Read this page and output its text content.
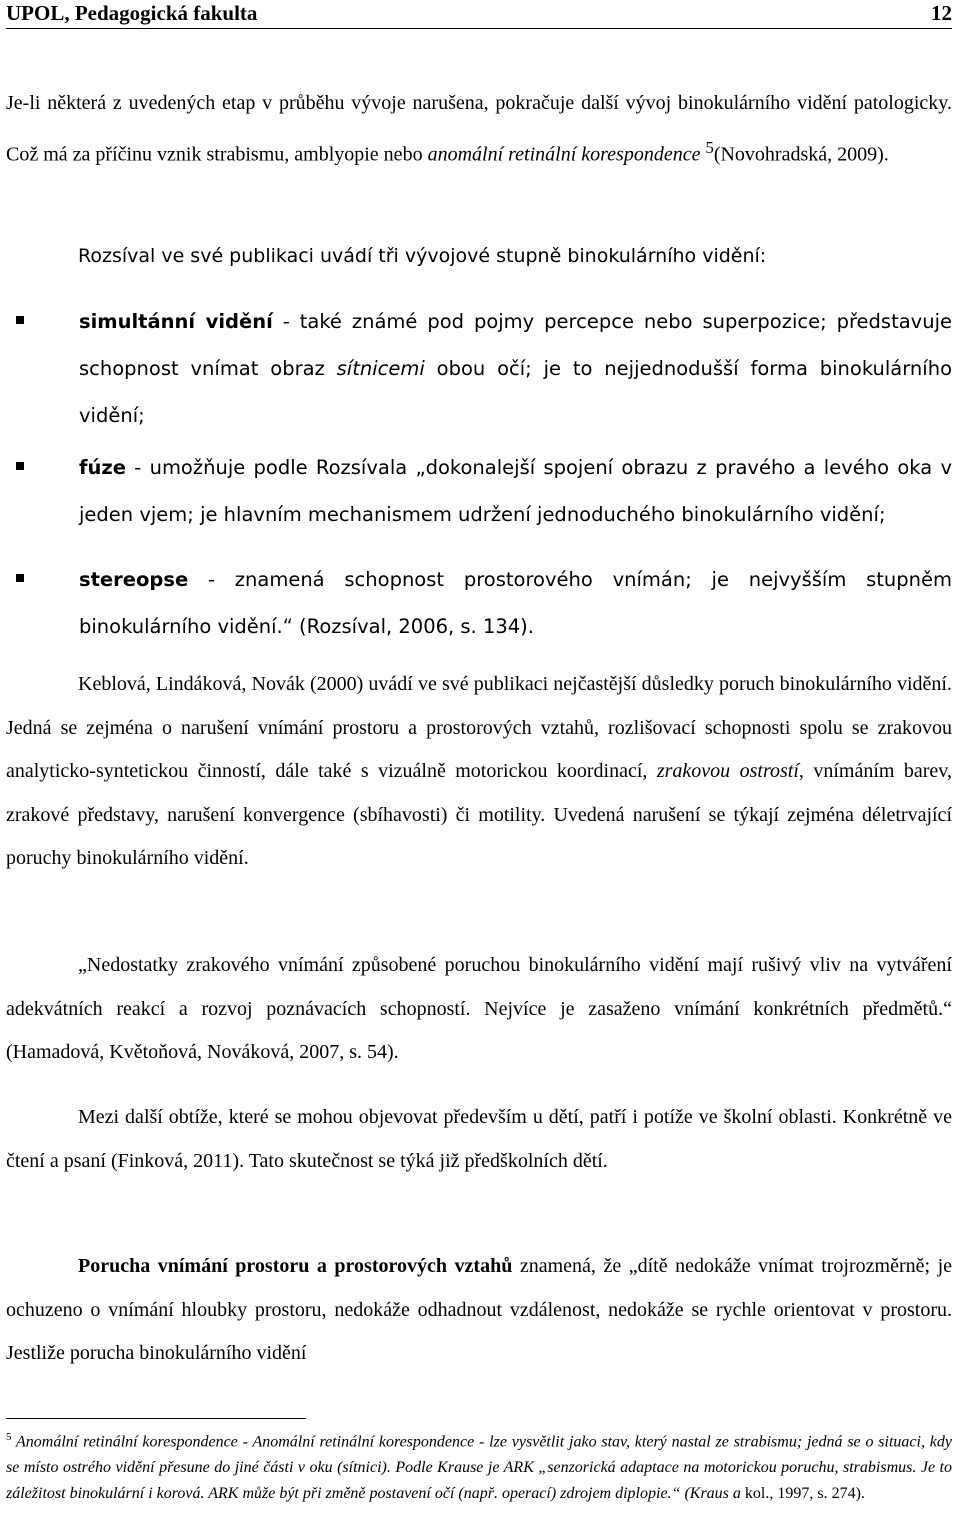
UPOL, Pedagogická fakulta	12
Je-li některá z uvedených etap v průběhu vývoje narušena, pokračuje další vývoj binokulárního vidění patologicky. Což má za příčinu vznik strabismu, amblyopie nebo anomální retinální korespondence $^5$(Novohradská, 2009).
Rozsíval ve své publikaci uvádí tři vývojové stupně binokulárního vidění:
simultánní vidění - také známé pod pojmy percepce nebo superpozice; představuje schopnost vnímat obraz sítnicemi obou očí; je to nejjednodušší forma binokulárního vidění;
fúze - umožňuje podle Rozsívala „dokonalejší spojení obrazu z pravého a levého oka v jeden vjem; je hlavním mechanismem udržení jednoduchého binokulárního vidění;
stereopse - znamená schopnost prostorového vnímán; je nejvyšším stupněm binokulárního vidění.“ (Rozsíval, 2006, s. 134).
Keblová, Lindáková, Novák (2000) uvádí ve své publikaci nejčastější důsledky poruch binokulárního vidění. Jedná se zejména o narušení vnímání prostoru a prostorových vztahů, rozlišovací schopnosti spolu se zrakovou analyticko-syntetickou činností, dále také s vizuálně motorickou koordinací, zrakovou ostrostí, vnímáním barev, zrakové představy, narušení konvergence (sbíhavosti) či motility. Uvedená narušení se týkají zejména déletrvající poruchy binokulárního vidění.
„Nedostatky zrakového vnímání způsobené poruchou binokulárního vidění mají rušivý vliv na vytváření adekvátních reakcí a rozvoj poznávacích schopností. Nejvíce je zasaženo vnímání konkrétních předmětů.“ (Hamadová, Květoňová, Nováková, 2007, s. 54).
Mezi další obtíže, které se mohou objevovat především u dětí, patří i potíže ve školní oblasti. Konkrétně ve čtení a psaní (Finková, 2011). Tato skutečnost se týká již předškolních dětí.
Porucha vnímání prostoru a prostorových vztahů znamená, že „dítě nedokáže vnímat trojrozměrně; je ochuzeno o vnímání hloubky prostoru, nedokáže odhadnout vzdálenost, nedokáže se rychle orientovat v prostoru. Jestliže porucha binokulárního vidění
$^5$ Anomální retinální korespondence - Anomální retinální korespondence - lze vysvětlit jako stav, který nastal ze strabismu; jedná se o situaci, kdy se místo ostrého vidění přesune do jiné části v oku (sítnici). Podle Krause je ARK „senzorická adaptace na motorickou poruchu, strabismus. Je to záležitost binokulární i korová. ARK může být při změně postavení očí (např. operací) zdrojem diplopie.“ (Kraus a kol., 1997, s. 274).
